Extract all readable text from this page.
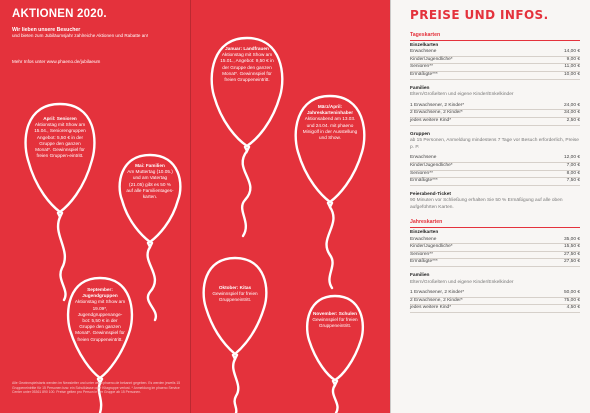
AKTIONEN 2020.
Wir lieben unsere Besucher
und bieten zum Jubiläumsjahr zahlreiche Aktionen und Rabatte an!
Mehr Infos unter www.phaeno.de/jubilaeum
April: Senioren
Aktionstag mit Show am 15.04., Seniorengruppen Angebot: 5,50 € in der Gruppe den ganzen Monat*. Gewinnspiel für freien Gruppen-eintritt.
Mai: Familien
Am Muttertag (10.05.) und am Vatertag (21.05) gibt es 50 % auf alle Familientages-karten.
September: Jugendgruppen
Aktionstag mit Show am 19.09*, Jugendgruppenange-bot: 5,50 € in der Gruppe den ganzen Monat*. Gewinnspiel für freien Gruppeneintritt.
Januar: Landfrauen
Aktionstag mit Show am 15.01., Angebot: 9,50 € in der Gruppe den ganzen Monat*. Gewinnspiel für freien Gruppeneintritt.
März/April: Jahreskarteninhaber
Aktionsabend am 13.03. und 24.04. mit phaeno Minigolf in der Ausstellung und Show.
Oktober: Kitas
Gewinnspiel für freien Gruppeneintritt.
November: Schulen
Gewinnspiel für freien Gruppeneintritt.
Alle Gewinnspielstarts werden im Newsletter und unter www.phaeno.de bekannt gegeben. Es werden jeweils 15 Gruppeneintritte für 15 Personen bzw. ein Schulklasse oder Kitagruppe verlost. * Anmeldung im phaeno Service Center unter 05361 890 100. Preise gelten pro Person in der Gruppe ab 15 Personen.
PREISE UND INFOS.
Tageskarten
Einzelkarten
Erwachsene	14,00 €
Kinder/Jugendliche*	9,00 €
Senioren**	11,00 €
Ermäßigte***	10,00 €
Familien
Eltern/Großeltern und eigene Kinder/Enkelkinder
1 Erwachsener, 2 Kinder*	24,00 €
2 Erwachsene, 2 Kinder*	34,00 €
jedes weitere Kind*	2,50 €
Gruppen
ab 15 Personen, Anmeldung mindestens 7 Tage vor Besuch erforderlich, Preise p. P.
Erwachsene	12,00 €
Kinder/Jugendliche*	7,00 €
Senioren**	8,00 €
Ermäßigte***	7,50 €
Feierabend-Ticket
90 Minuten vor Schließung erhalten Sie 50 % Ermäßigung auf alle oben aufgeführten Karten.
Jahreskarten
Einzelkarten
Erwachsene	35,00 €
Kinder/Jugendliche*	15,50 €
Senioren**	27,50 €
Ermäßigte***	27,50 €
Familien
Eltern/Großeltern und eigene Kinder/Enkelkinder
1 Erwachsener, 2 Kinder*	50,00 €
2 Erwachsene, 2 Kinder*	75,00 €
jedes weitere Kind*	4,50 €
